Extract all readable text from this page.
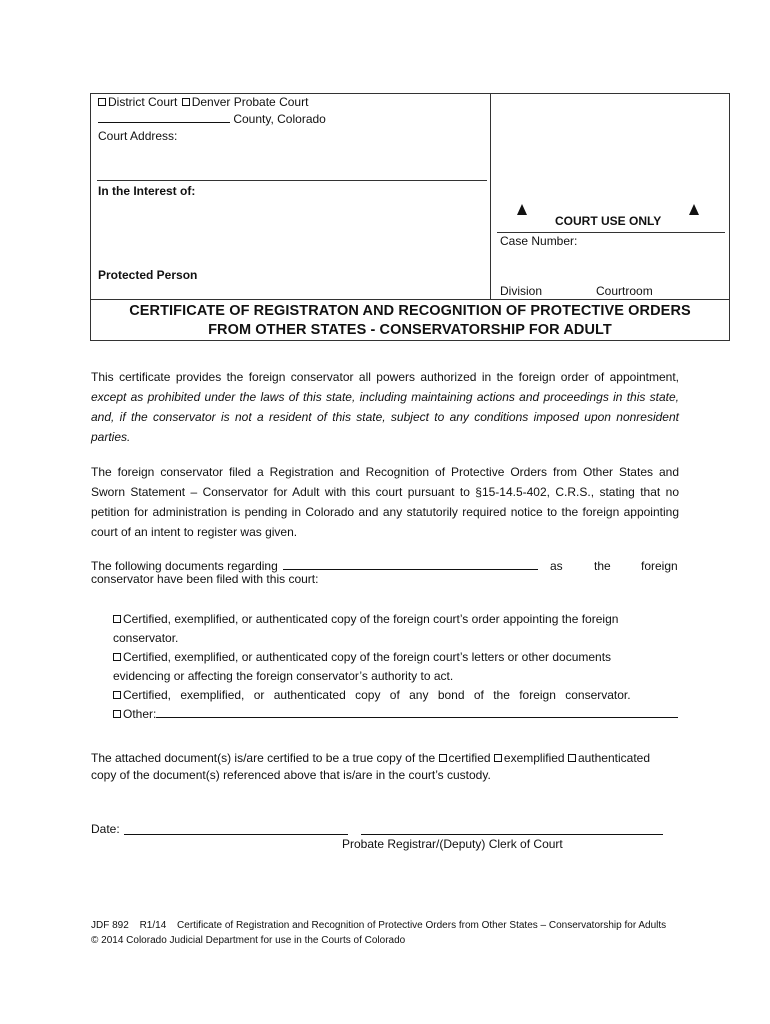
District Court Denver Probate Court
County, Colorado
Court Address:
In the Interest of:
Protected Person
COURT USE ONLY
Case Number:
Division	Courtroom
CERTIFICATE OF REGISTRATON AND RECOGNITION OF PROTECTIVE ORDERS
FROM OTHER STATES - CONSERVATORSHIP FOR ADULT
This certificate provides the foreign conservator all powers authorized in the foreign order of appointment, except as prohibited under the laws of this state, including maintaining actions and proceedings in this state, and, if the conservator is not a resident of this state, subject to any conditions imposed upon nonresident parties.
The foreign conservator filed a Registration and Recognition of Protective Orders from Other States and Sworn Statement – Conservator for Adult with this court pursuant to §15-14.5-402, C.R.S., stating that no petition for administration is pending in Colorado and any statutorily required notice to the foreign appointing court of an intent to register was given.
The following documents regarding	as	the	foreign
conservator have been filed with this court:
Certified, exemplified, or authenticated copy of the foreign court’s order appointing the foreign
conservator.
Certified, exemplified, or authenticated copy of the foreign court’s letters or other documents
evidencing or affecting the foreign conservator’s authority to act.
Certified, exemplified, or authenticated copy of any bond of the foreign conservator.
Other:
The attached document(s) is/are certified to be a true copy of the certified exemplified authenticated
copy of the document(s) referenced above that is/are in the court’s custody.
Date:
Probate Registrar/(Deputy) Clerk of Court
JDF 892 R1/14 Certificate of Registration and Recognition of Protective Orders from Other States – Conservatorship for Adults
© 2014 Colorado Judicial Department for use in the Courts of Colorado
